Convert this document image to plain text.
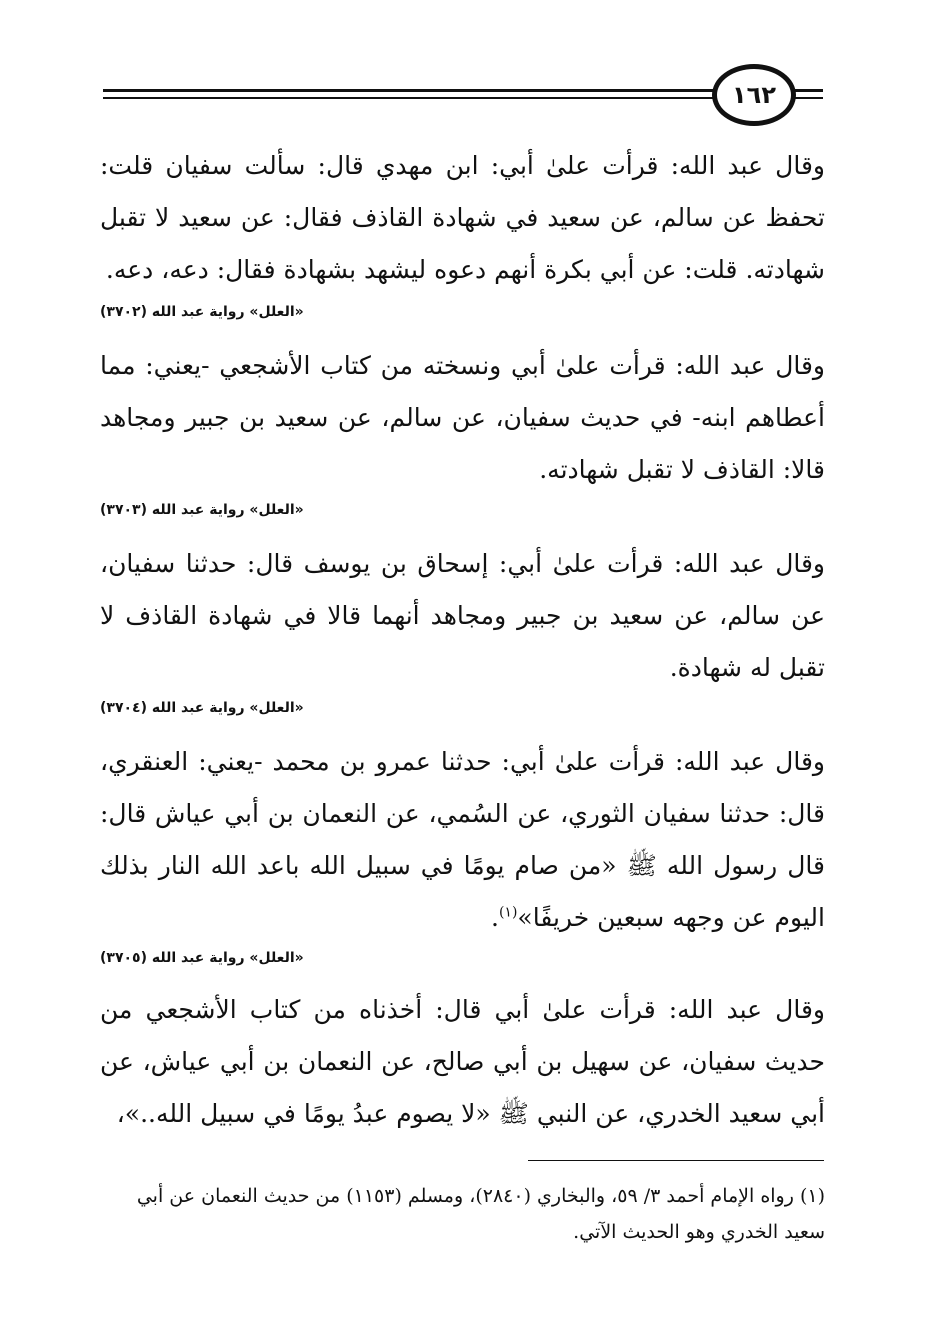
١٦٢
وقال عبد الله: قرأت علىٰ أبي: ابن مهدي قال: سألت سفيان قلت: تحفظ عن سالم، عن سعيد في شهادة القاذف فقال: عن سعيد لا تقبل شهادته. قلت: عن أبي بكرة أنهم دعوه ليشهد بشهادة فقال: دعه، دعه.
«العلل» رواية عبد الله (٣٧٠٢)
وقال عبد الله: قرأت علىٰ أبي ونسخته من كتاب الأشجعي -يعني: مما أعطاهم ابنه- في حديث سفيان، عن سالم، عن سعيد بن جبير ومجاهد قالا: القاذف لا تقبل شهادته.
«العلل» رواية عبد الله (٣٧٠٣)
وقال عبد الله: قرأت علىٰ أبي: إسحاق بن يوسف قال: حدثنا سفيان، عن سالم، عن سعيد بن جبير ومجاهد أنهما قالا في شهادة القاذف لا تقبل له شهادة.
«العلل» رواية عبد الله (٣٧٠٤)
وقال عبد الله: قرأت علىٰ أبي: حدثنا عمرو بن محمد -يعني: العنقري، قال: حدثنا سفيان الثوري، عن السُمي، عن النعمان بن أبي عياش قال: قال رسول الله ﷺ «من صام يومًا في سبيل الله باعد الله النار بذلك اليوم عن وجهه سبعين خريفًا»$^{(١)}$.
«العلل» رواية عبد الله (٣٧٠٥)
وقال عبد الله: قرأت علىٰ أبي قال: أخذناه من كتاب الأشجعي من حديث سفيان، عن سهيل بن أبي صالح، عن النعمان بن أبي عياش، عن أبي سعيد الخدري، عن النبي ﷺ «لا يصوم عبدُ يومًا في سبيل الله..»،
(١) رواه الإمام أحمد ٣/ ٥٩، والبخاري (٢٨٤٠)، ومسلم (١١٥٣) من حديث النعمان عن أبي سعيد الخدري وهو الحديث الآتي.
